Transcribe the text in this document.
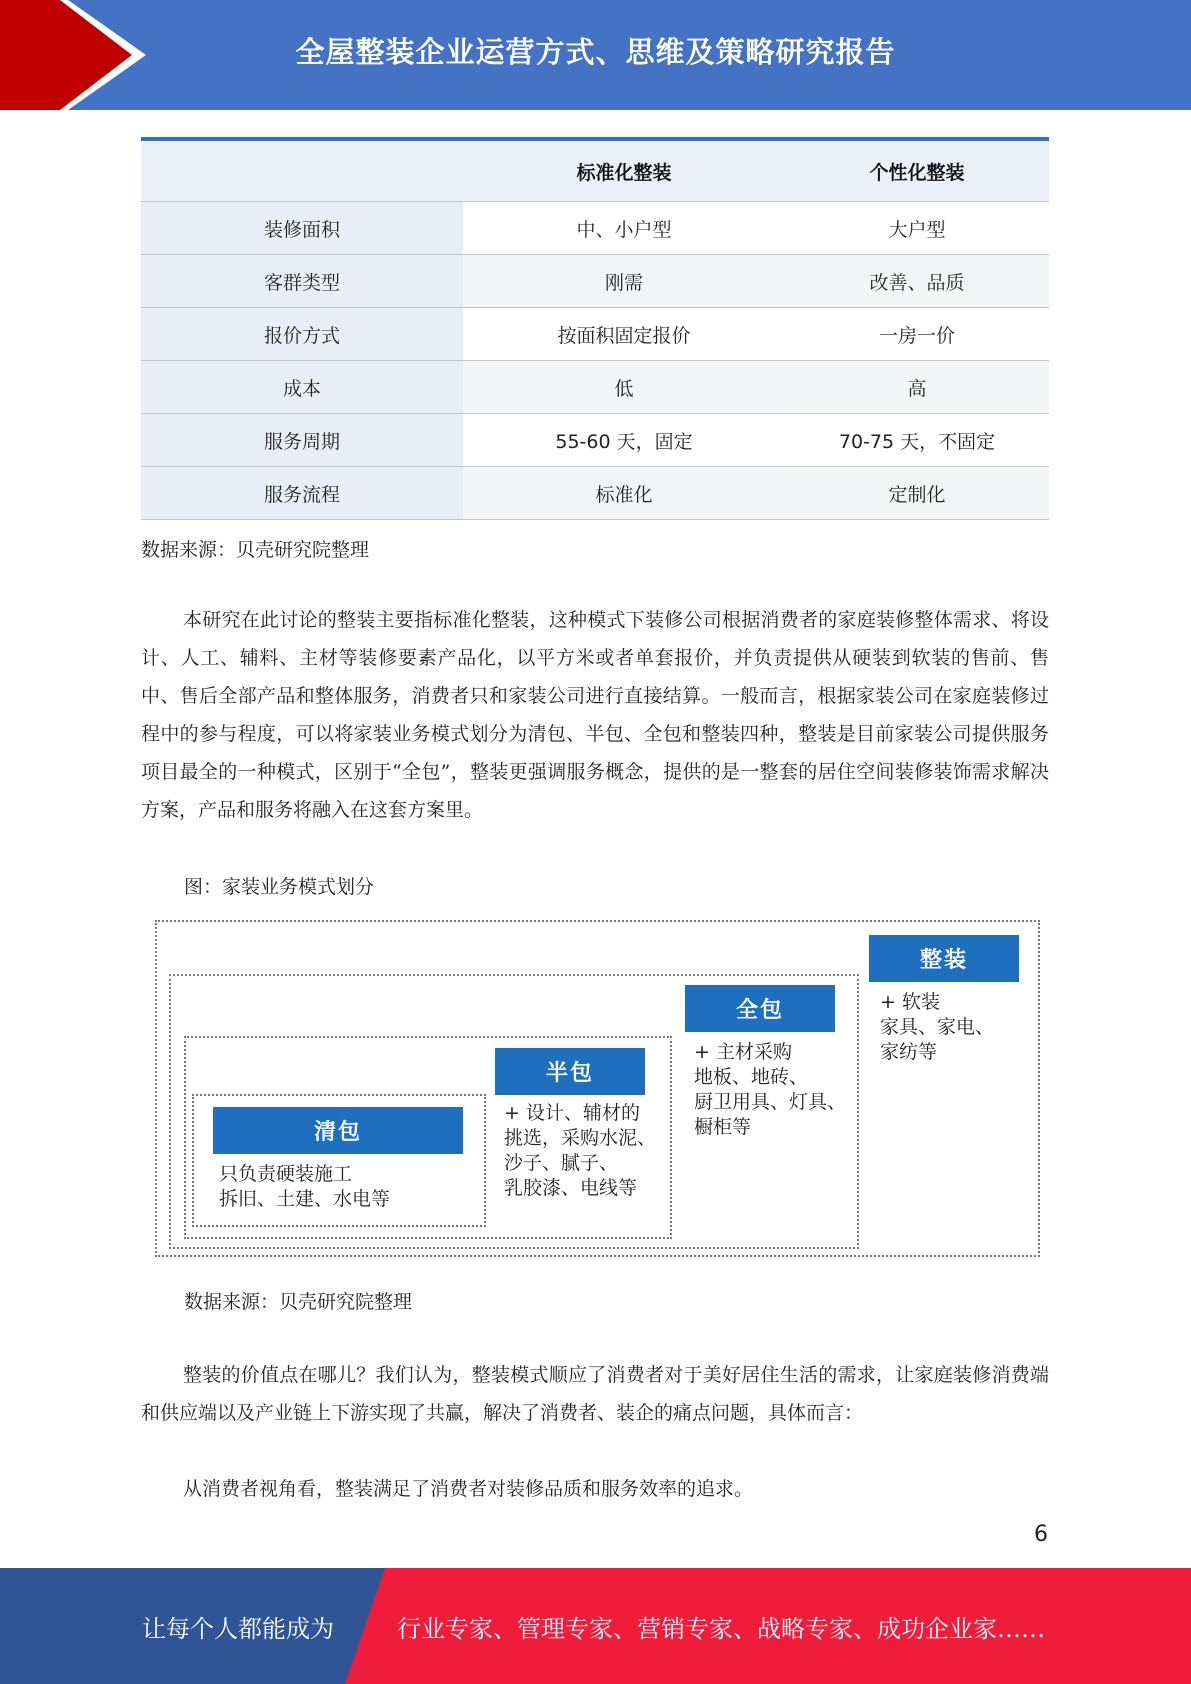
全屋整装企业运营方式、思维及策略研究报告
	标准化整装	个性化整装
装修面积	中、小户型	大户型
客群类型	刚需	改善、品质
报价方式	按面积固定报价	一房一价
成本	低	高
服务周期	55-60 天，固定	70-75 天，不固定
服务流程	标准化	定制化
数据来源：贝壳研究院整理

本研究在此讨论的整装主要指标准化整装，这种模式下装修公司根据消费者的家庭装修整体需求、将设计、人工、辅料、主材等装修要素产品化，以平方米或者单套报价，并负责提供从硬装到软装的售前、售中、售后全部产品和整体服务，消费者只和家装公司进行直接结算。一般而言，根据家装公司在家庭装修过程中的参与程度，可以将家装业务模式划分为清包、半包、全包和整装四种，整装是目前家装公司提供服务项目最全的一种模式，区别于“全包”，整装更强调服务概念，提供的是一整套的居住空间装修装饰需求解决方案，产品和服务将融入在这套方案里。

图：家装业务模式划分
清包
只负责硬装施工
拆旧、土建、水电等
半包
+ 设计、辅材的
挑选，采购水泥、
沙子、腻子、
乳胶漆、电线等
全包
+ 主材采购
地板、地砖、
厨卫用具、灯具、
橱柜等
整装
+ 软装
家具、家电、
家纺等
数据来源：贝壳研究院整理

整装的价值点在哪儿？我们认为，整装模式顺应了消费者对于美好居住生活的需求，让家庭装修消费端和供应端以及产业链上下游实现了共赢，解决了消费者、装企的痛点问题，具体而言：

从消费者视角看，整装满足了消费者对装修品质和服务效率的追求。

6
让每个人都能成为	行业专家、管理专家、营销专家、战略专家、成功企业家……
